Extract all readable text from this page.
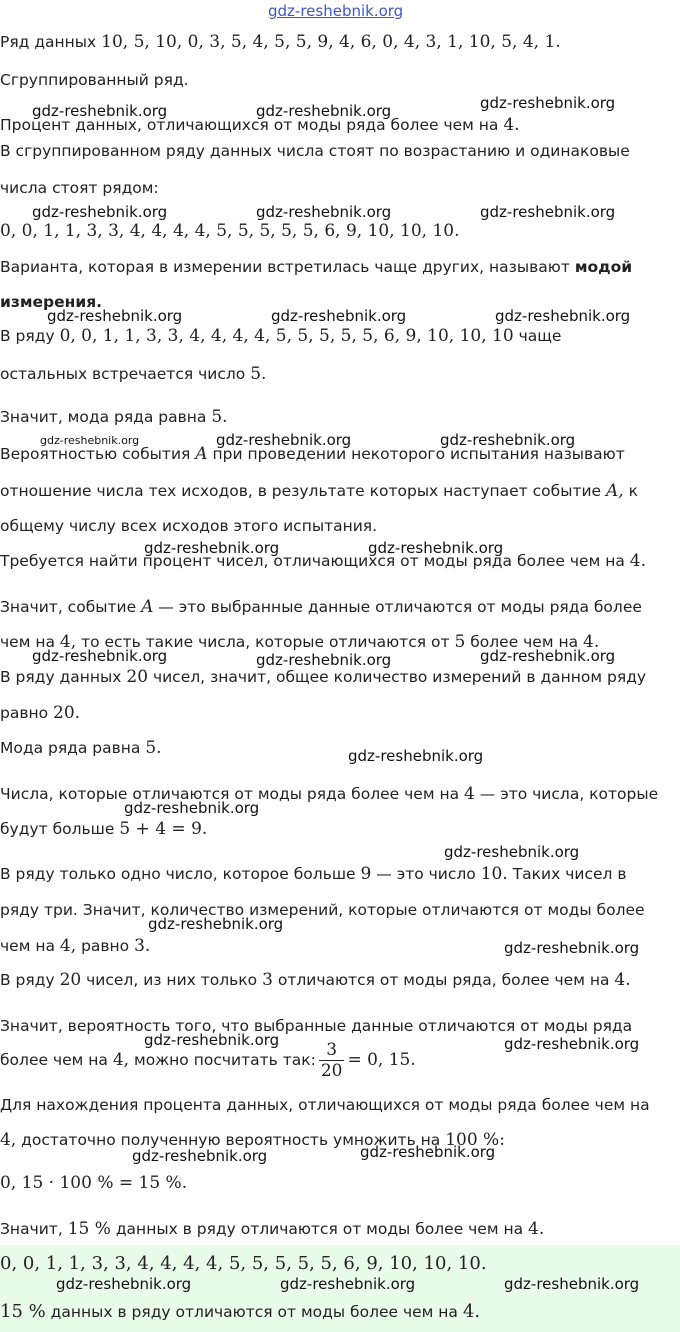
gdz-reshebnik.org
Ряд данных 10, 5, 10, 0, 3, 5, 4, 5, 5, 9, 4, 6, 0, 4, 3, 1, 10, 5, 4, 1.
Сгруппированный ряд.
Процент данных, отличающихся от моды ряда более чем на 4.
В сгруппированном ряду данных числа стоят по возрастанию и одинаковые
числа стоят рядом:
0, 0, 1, 1, 3, 3, 4, 4, 4, 4, 5, 5, 5, 5, 5, 6, 9, 10, 10, 10.
Варианта, которая в измерении встретилась чаще других, называют модой
измерения.
В ряду 0, 0, 1, 1, 3, 3, 4, 4, 4, 4, 5, 5, 5, 5, 5, 6, 9, 10, 10, 10 чаще
остальных встречается число 5.
Значит, мода ряда равна 5.
Вероятностью события A при проведении некоторого испытания называют
отношение числа тех исходов, в результате которых наступает событие A, к
общему числу всех исходов этого испытания.
Требуется найти процент чисел, отличающихся от моды ряда более чем на 4.
Значит, событие A — это выбранные данные отличаются от моды ряда более
чем на 4, то есть такие числа, которые отличаются от 5 более чем на 4.
В ряду данных 20 чисел, значит, общее количество измерений в данном ряду
равно 20.
Мода ряда равна 5.
Числа, которые отличаются от моды ряда более чем на 4 — это числа, которые
будут больше 5 + 4 = 9.
В ряду только одно число, которое больше 9 — это число 10. Таких чисел в
ряду три. Значит, количество измерений, которые отличаются от моды более
чем на 4, равно 3.
В ряду 20 чисел, из них только 3 отличаются от моды ряда, более чем на 4.
Значит, вероятность того, что выбранные данные отличаются от моды ряда
более чем на 4, можно посчитать так: $\frac{3}{20} = 0$, 15.
Для нахождения процента данных, отличающихся от моды ряда более чем на
4, достаточно полученную вероятность умножить на 100 %:
0, 15 · 100 % = 15 %.
Значит, 15 % данных в ряду отличаются от моды более чем на 4.
0, 0, 1, 1, 3, 3, 4, 4, 4, 4, 5, 5, 5, 5, 5, 6, 9, 10, 10, 10.
15 % данных в ряду отличаются от моды более чем на 4.
gdz-reshebnik.org	gdz-reshebnik.org	gdz-reshebnik.org
gdz-reshebnik.org	gdz-reshebnik.org	gdz-reshebnik.org
gdz-reshebnik.org	gdz-reshebnik.org	gdz-reshebnik.org
gdz-reshebnik.org	gdz-reshebnik.org	gdz-reshebnik.org
gdz-reshebnik.org	gdz-reshebnik.org
gdz-reshebnik.org	gdz-reshebnik.org	gdz-reshebnik.org
gdz-reshebnik.org
gdz-reshebnik.org
gdz-reshebnik.org
gdz-reshebnik.org
gdz-reshebnik.org
gdz-reshebnik.org	gdz-reshebnik.org
gdz-reshebnik.org	gdz-reshebnik.org
gdz-reshebnik.org	gdz-reshebnik.org	gdz-reshebnik.org
